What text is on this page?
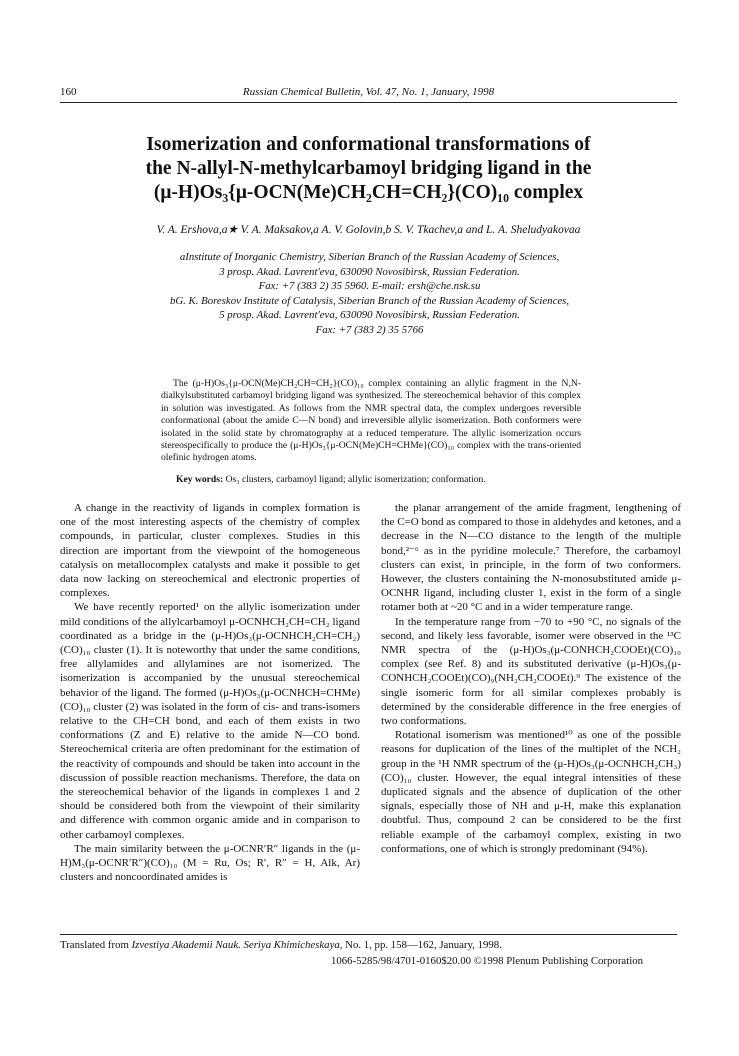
160	Russian Chemical Bulletin, Vol. 47, No. 1, January, 1998
Isomerization and conformational transformations of
the N-allyl-N-methylcarbamoyl bridging ligand in the
(μ-H)Os₃{μ-OCN(Me)CH₂CH=CH₂}(CO)₁₀ complex
V. A. Ershova,a★ V. A. Maksakov,a A. V. Golovin,b S. V. Tkachev,a and L. A. Sheludyakovaa
aInstitute of Inorganic Chemistry, Siberian Branch of the Russian Academy of Sciences,
3 prosp. Akad. Lavrent'eva, 630090 Novosibirsk, Russian Federation.
Fax: +7 (383 2) 35 5960. E-mail: ersh@che.nsk.su
bG. K. Boreskov Institute of Catalysis, Siberian Branch of the Russian Academy of Sciences,
5 prosp. Akad. Lavrent'eva, 630090 Novosibirsk, Russian Federation.
Fax: +7 (383 2) 35 5766

The (μ-H)Os₃{μ-OCN(Me)CH₂CH=CH₂}(CO)₁₀ complex containing an allylic fragment in the N,N-dialkylsubstituted carbamoyl bridging ligand was synthesized. The stereochemical behavior of this complex in solution was investigated. As follows from the NMR spectral data, the complex undergoes reversible conformational (about the amide C—N bond) and irreversible allylic isomerization. Both conformers were isolated in the solid state by chromatography at a reduced temperature. The allylic isomerization occurs stereospecifically to produce the (μ-H)Os₃{μ-OCN(Me)CH=CHMe}(CO)₁₀ complex with the trans-oriented olefinic hydrogen atoms.

Key words: Os₃ clusters, carbamoyl ligand; allylic isomerization; conformation.

A change in the reactivity of ligands in complex formation is one of the most interesting aspects of the chemistry of complex compounds, in particular, cluster complexes. Studies in this direction are important from the viewpoint of the homogeneous catalysis on metallocomplex catalysts and make it possible to get data now lacking on stereochemical and electronic properties of complexes.

We have recently reported¹ on the allylic isomerization under mild conditions of the allylcarbamoyl μ-OCNHCH₂CH=CH₂ ligand coordinated as a bridge in the (μ-H)Os₃(μ-OCNHCH₂CH=CH₂)(CO)₁₀ cluster (1). It is noteworthy that under the same conditions, free allylamides and allylamines are not isomerized. The isomerization is accompanied by the unusual stereochemical behavior of the ligand. The formed (μ-H)Os₃(μ-OCNHCH=CHMe)(CO)₁₀ cluster (2) was isolated in the form of cis- and trans-isomers relative to the CH=CH bond, and each of them exists in two conformations (Z and E) relative to the amide N—CO bond. Stereochemical criteria are often predominant for the estimation of the reactivity of compounds and should be taken into account in the discussion of possible reaction mechanisms. Therefore, the data on the stereochemical behavior of the ligands in complexes 1 and 2 should be considered both from the viewpoint of their similarity and difference with common organic amide and in comparison to other carbamoyl complexes.

The main similarity between the μ-OCNR′R″ ligands in the (μ-H)M₃(μ-OCNR′R″)(CO)₁₀ (M = Ru, Os; R′, R″ = H, Alk, Ar) clusters and noncoordinated amides is

the planar arrangement of the amide fragment, lengthening of the C=O bond as compared to those in aldehydes and ketones, and a decrease in the N—CO distance to the length of the multiple bond,²⁻⁶ as in the pyridine molecule.⁷ Therefore, the carbamoyl clusters can exist, in principle, in the form of two conformers. However, the clusters containing the N-monosubstituted amide μ-OCNHR ligand, including cluster 1, exist in the form of a single rotamer both at ~20 °C and in a wider temperature range.

In the temperature range from −70 to +90 °C, no signals of the second, and likely less favorable, isomer were observed in the ¹³C NMR spectra of the (μ-H)Os₃(μ-CONHCH₂COOEt)(CO)₁₀ complex (see Ref. 8) and its substituted derivative (μ-H)Os₃(μ-CONHCH₂COOEt)(CO)₉(NH₂CH₂COOEt).⁹ The existence of the single isomeric form for all similar complexes probably is determined by the considerable difference in the free energies of two conformations.

Rotational isomerism was mentioned¹⁰ as one of the possible reasons for duplication of the lines of the multiplet of the NCH₂ group in the ¹H NMR spectrum of the (μ-H)Os₃(μ-OCNHCH₂CH₃)(CO)₁₀ cluster. However, the equal integral intensities of these duplicated signals and the absence of duplication of the other signals, especially those of NH and μ-H, make this explanation doubtful. Thus, compound 2 can be considered to be the first reliable example of the carbamoyl complex, existing in two conformations, one of which is strongly predominant (94%).

Translated from Izvestiya Akademii Nauk. Seriya Khimicheskaya, No. 1, pp. 158—162, January, 1998.
1066-5285/98/4701-0160$20.00 ©1998 Plenum Publishing Corporation
